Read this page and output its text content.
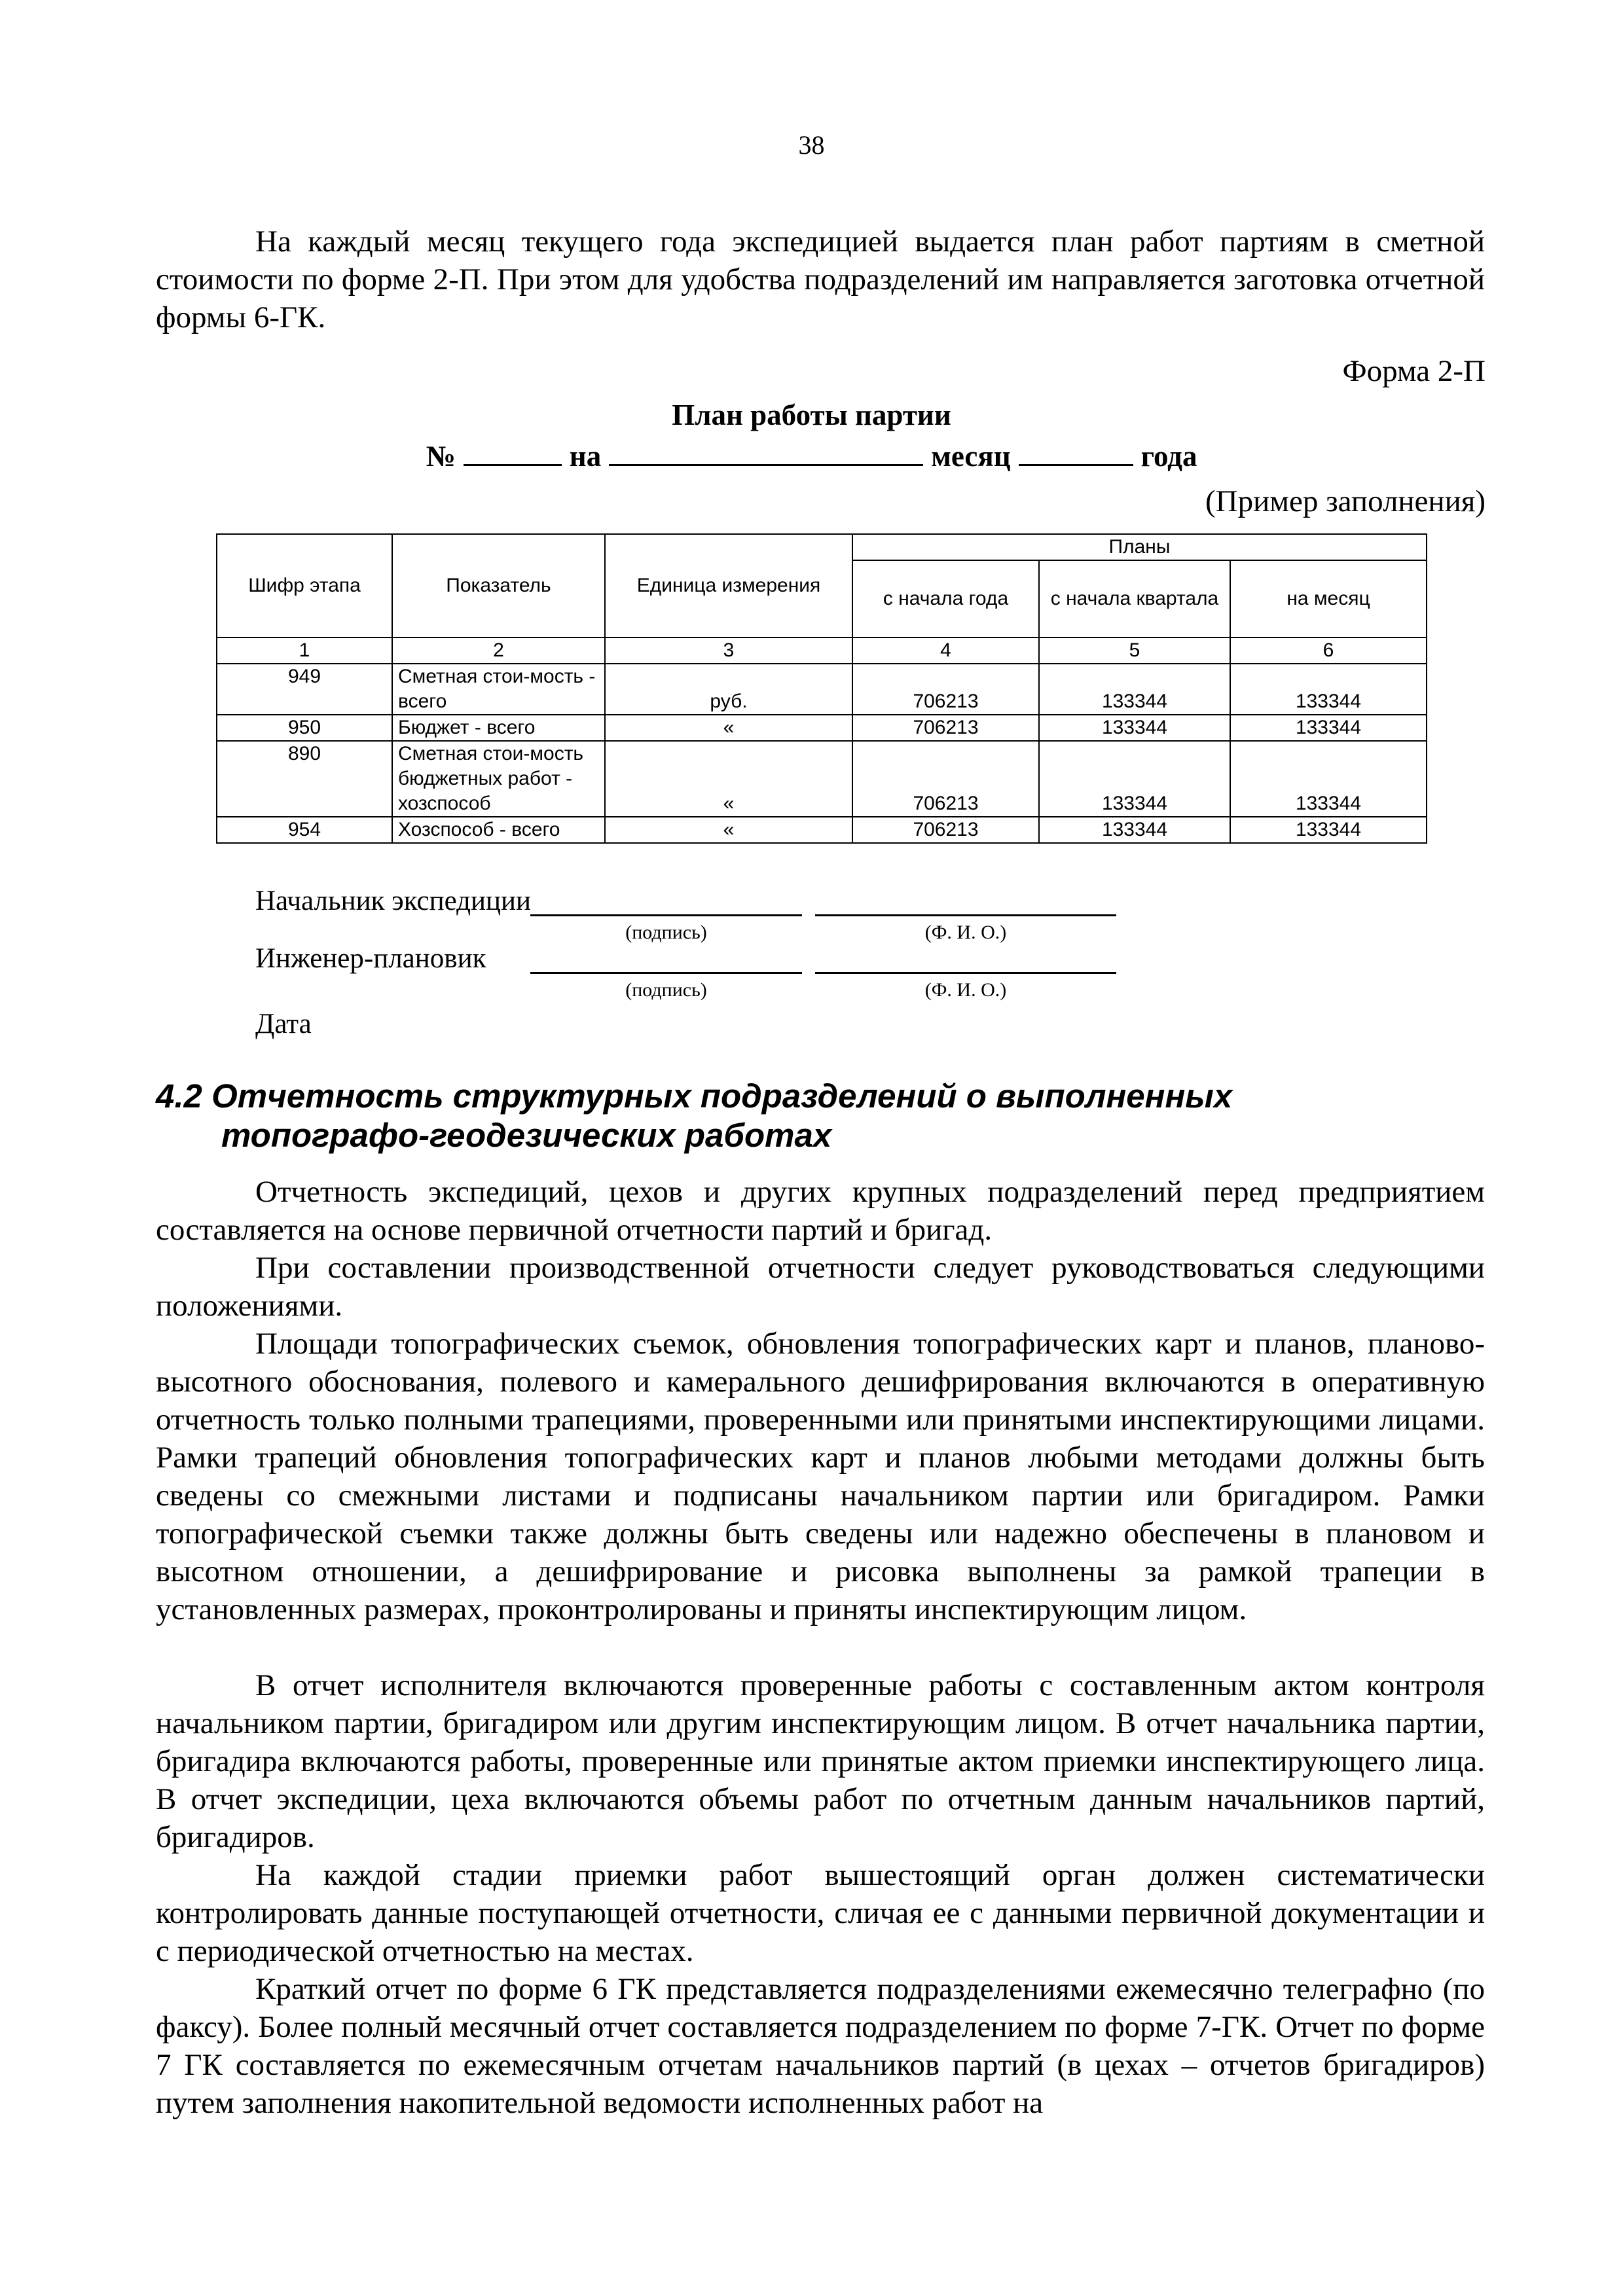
38

На каждый месяц текущего года экспедицией выдается план работ партиям в сметной стоимости по форме 2-П. При этом для удобства подразделений им направляется заготовка отчетной формы 6-ГК.

Форма 2-П
План работы партии
№	на	месяц	года
(Пример заполнения)
Шифр этапа	Показатель	Единица измерения	Планы		
			с начала года	с начала квартала	на месяц
1	2	3	4	5	6
949	Сметная стои-мость - всего	руб.	706213	133344	133344
950	Бюджет - всего	«	706213	133344	133344
890	Сметная стои-мость бюджетных работ - хозспособ	«	706213	133344	133344
954	Хозспособ - всего	«	706213	133344	133344
Начальник экспедиции
(подпись)	(Ф. И. О.)
Инженер-плановик
(подпись)	(Ф. И. О.)
Дата
4.2 Отчетность структурных подразделений о выполненных
топографо-геодезических работах

Отчетность экспедиций, цехов и других крупных подразделений перед предприятием составляется на основе первичной отчетности партий и бригад.

При составлении производственной отчетности следует руководствоваться следующими положениями.

Площади топографических съемок, обновления топографических карт и планов, планово-высотного обоснования, полевого и камерального дешифрирования включаются в оперативную отчетность только полными трапециями, проверенными или принятыми инспектирующими лицами. Рамки трапеций обновления топографических карт и планов любыми методами должны быть сведены со смежными листами и подписаны начальником партии или бригадиром. Рамки топографической съемки также должны быть сведены или надежно обеспечены в плановом и высотном отношении, а дешифрирование и рисовка выполнены за рамкой трапеции в установленных размерах, проконтролированы и приняты инспектирующим лицом.

В отчет исполнителя включаются проверенные работы с составленным актом контроля начальником партии, бригадиром или другим инспектирующим лицом. В отчет начальника партии, бригадира включаются работы, проверенные или принятые актом приемки инспектирующего лица. В отчет экспедиции, цеха включаются объемы работ по отчетным данным начальников партий, бригадиров.

На каждой стадии приемки работ вышестоящий орган должен систематически контролировать данные поступающей отчетности, сличая ее с данными первичной документации и с периодической отчетностью на местах.

Краткий отчет по форме 6 ГК представляется подразделениями ежемесячно телеграфно (по факсу). Более полный месячный отчет составляется подразделением по форме 7-ГК. Отчет по форме 7 ГК составляется по ежемесячным отчетам начальников партий (в цехах – отчетов бригадиров) путем заполнения накопительной ведомости исполненных работ на
